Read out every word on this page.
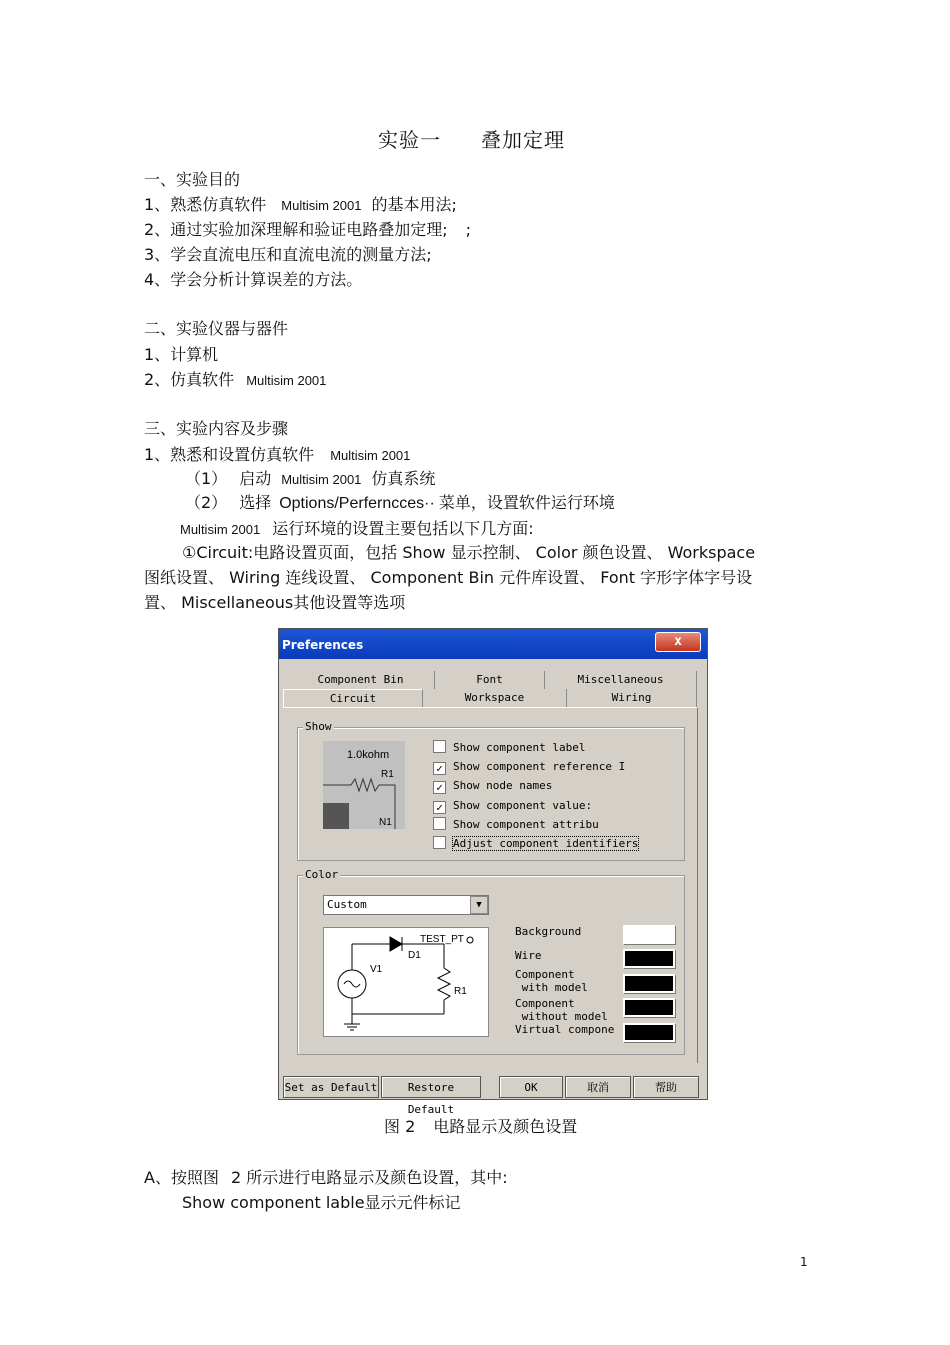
实验一 叠加定理
一、实验目的
1、熟悉仿真软件 Multisim 2001 的基本用法;
2、通过实验加深理解和验证电路叠加定理; ;
3、学会直流电压和直流电流的测量方法;
4、学会分析计算误差的方法。
二、实验仪器与器件
1、计算机
2、仿真软件 Multisim 2001
三、实验内容及步骤
1、熟悉和设置仿真软件 Multisim 2001
（1） 启动 Multisim 2001 仿真系统
（2） 选择 Options/Perferncces·· 菜单，设置软件运行环境
Multisim 2001 运行环境的设置主要包括以下几方面:
①Circuit:电路设置页面，包括 Show 显示控制、 Color 颜色设置、 Workspace
图纸设置、 Wiring 连线设置、 Component Bin 元件库设置、 Font 字形字体字号设
置、 Miscellaneous其他设置等选项
Preferences	x
Component Bin	Font	Miscellaneous
Circuit	Workspace	Wiring
Show
1.0kohm
R1
N1
Show component label
✓ Show component reference I
✓ Show node names
✓ Show component value:
Show component attribu
Adjust component identifiers
Color
Custom	▼
TEST_PT
D1
V1
R1
Background
Wire
Component
with model
Component
without model
Virtual compone
Set as Default	Restore Default
OK	取消	帮助
图 2 电路显示及颜色设置
A、按照图 2 所示进行电路显示及颜色设置，其中:
Show component lable显示元件标记
1
